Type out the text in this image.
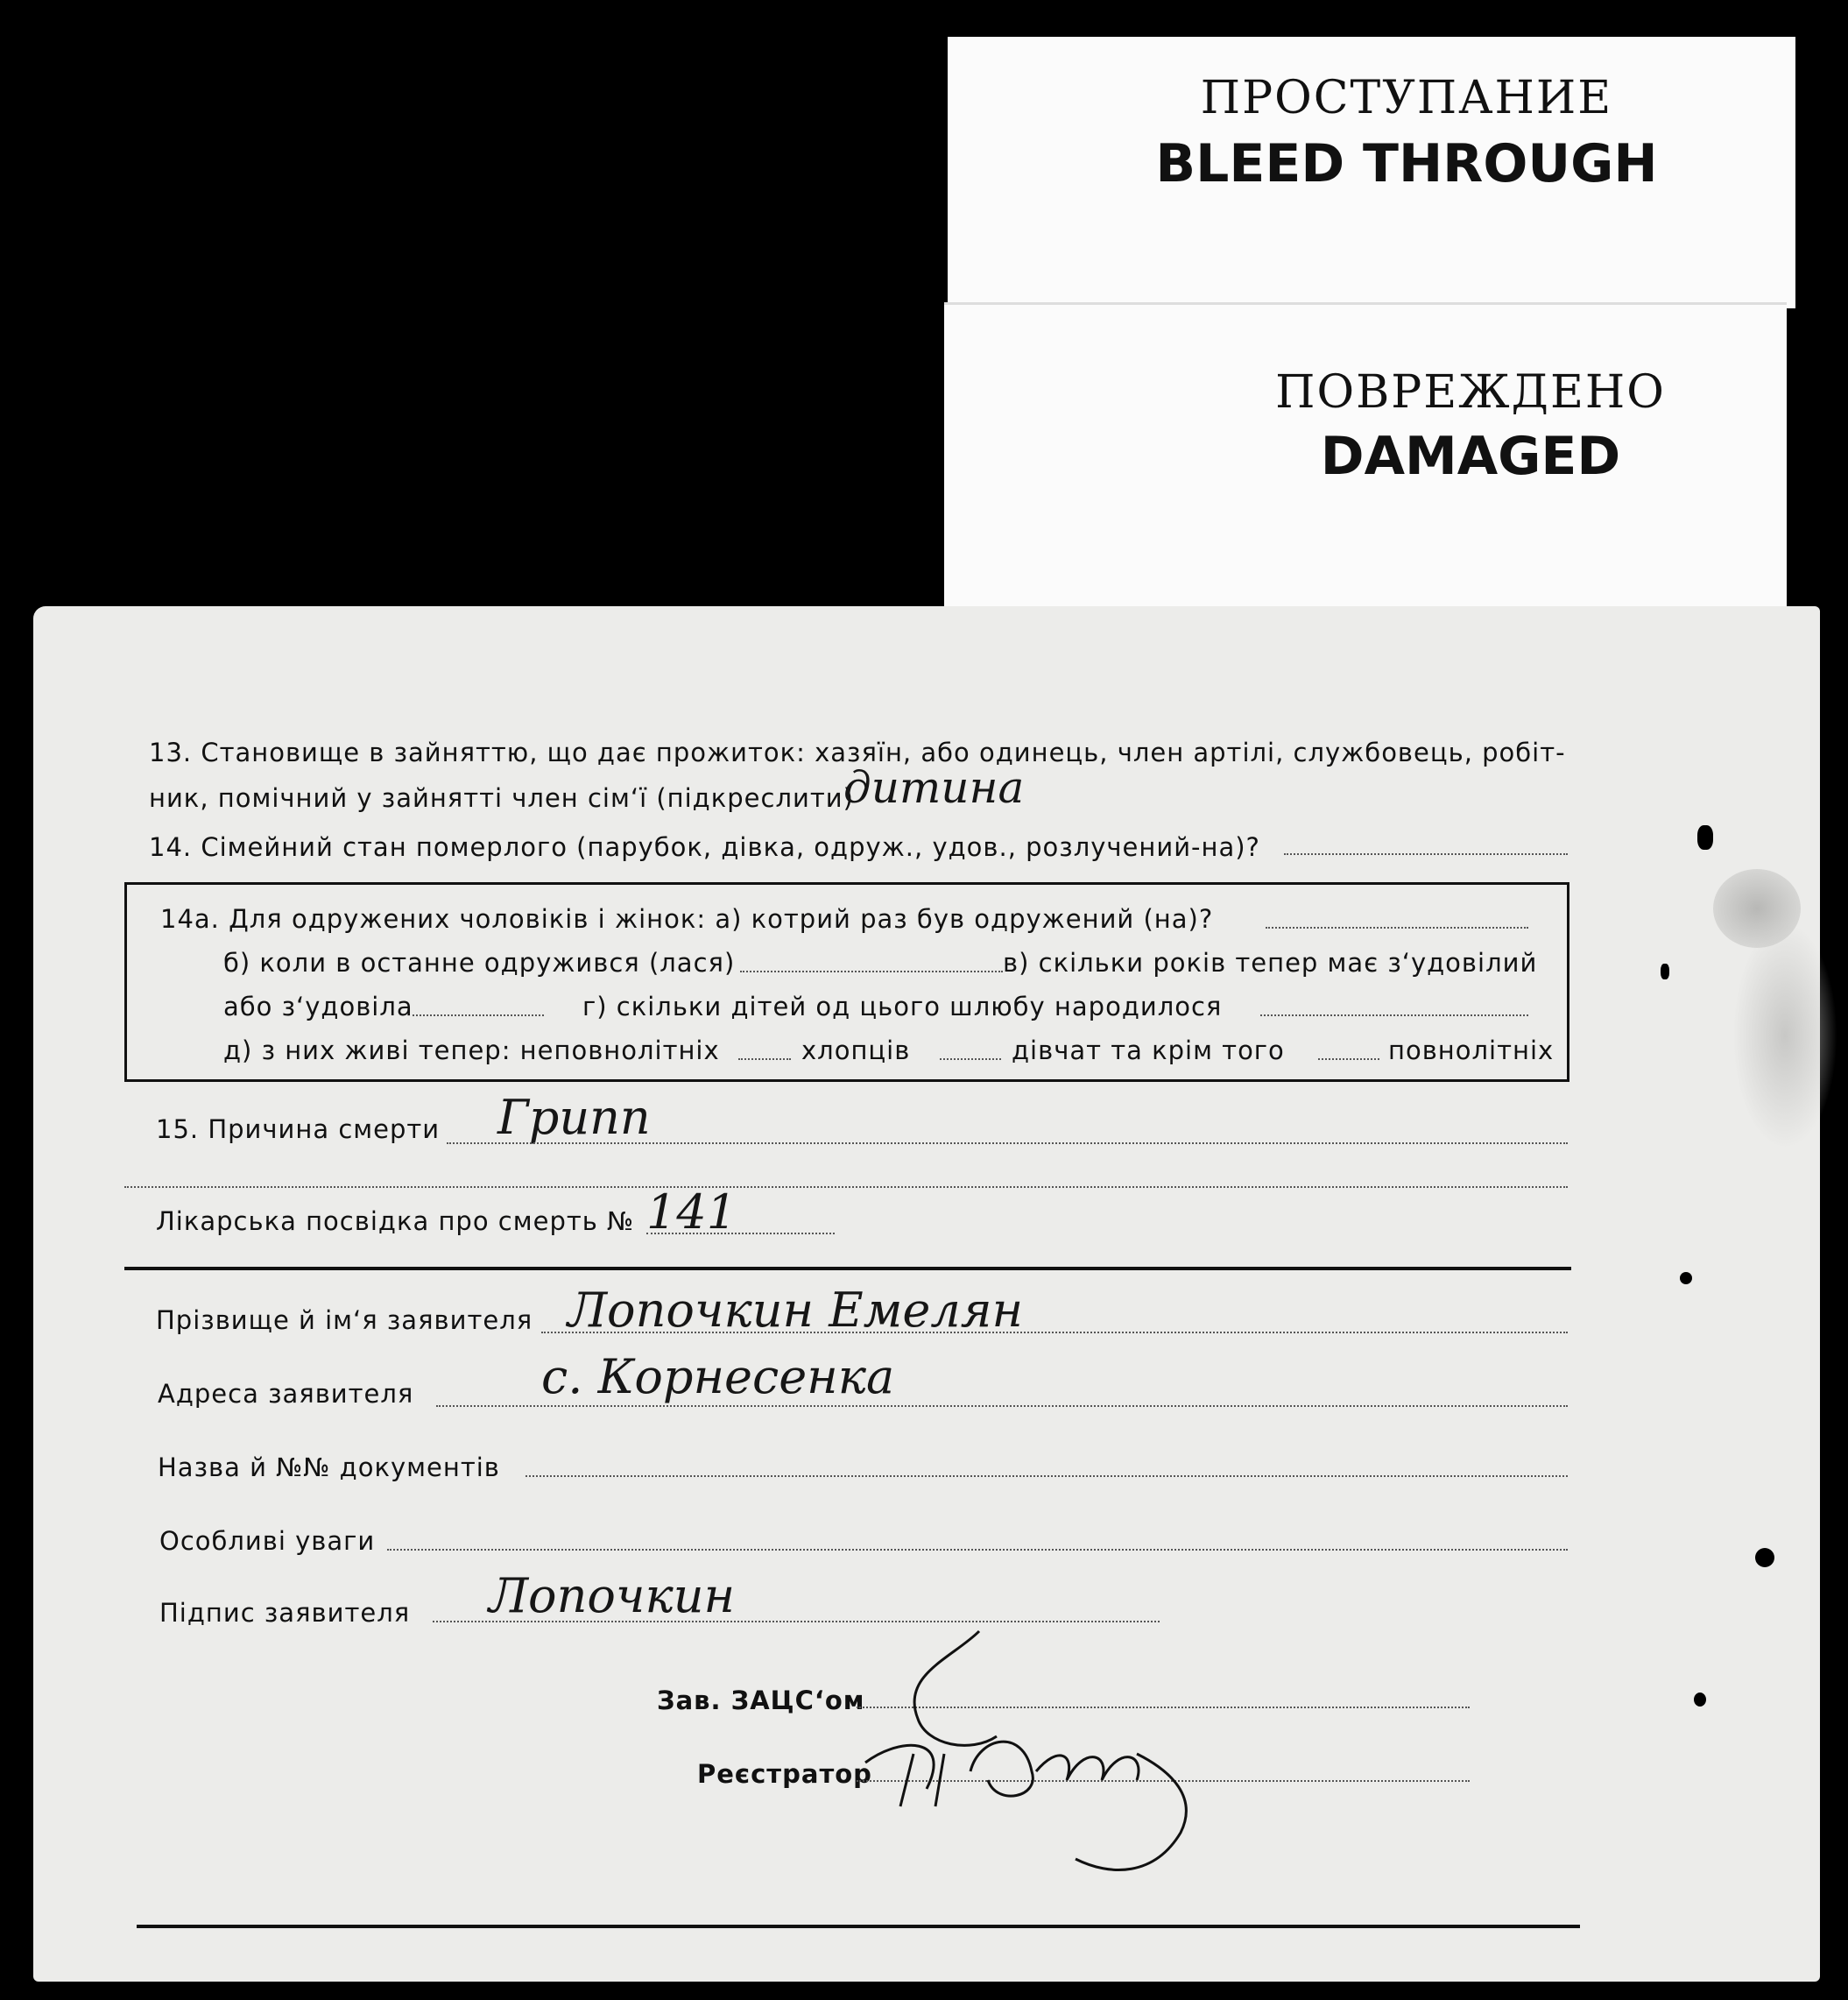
ПРОСТУПАНИЕ
BLEED THROUGH
ПОВРЕЖДЕНО
DAMAGED
13. Становище в зайняттю, що дає прожиток: хазяїн, або одинець, член артілі, службовець, робіт-
ник, помічний у зайнятті член сім‘ї (підкреслити)
дитина
14. Сімейний стан померлого (парубок, дівка, одруж., удов., розлучений-на)?
14а. Для одружених чоловіків і жінок: а) котрий раз був одружений (на)?
б) коли в останне одружився (лася)	в) скільки років тепер має з‘удовілий
або з‘удовіла	г) скільки дітей од цього шлюбу народилося
д) з них живі тепер: неповнолітніх	хлопців	дівчат та крім того	повнолітніх
15. Причина смерти Грипп
Лікарська посвідка про смерть № 141
Прізвище й ім‘я заявителя Лопочкин Емелян
Адреса заявителя	с. Корнесенка
Назва й №№ документів
Особливі уваги
Підпис заявителя Лопочкин
Зав. ЗАЦС‘ом
Реєстратор
